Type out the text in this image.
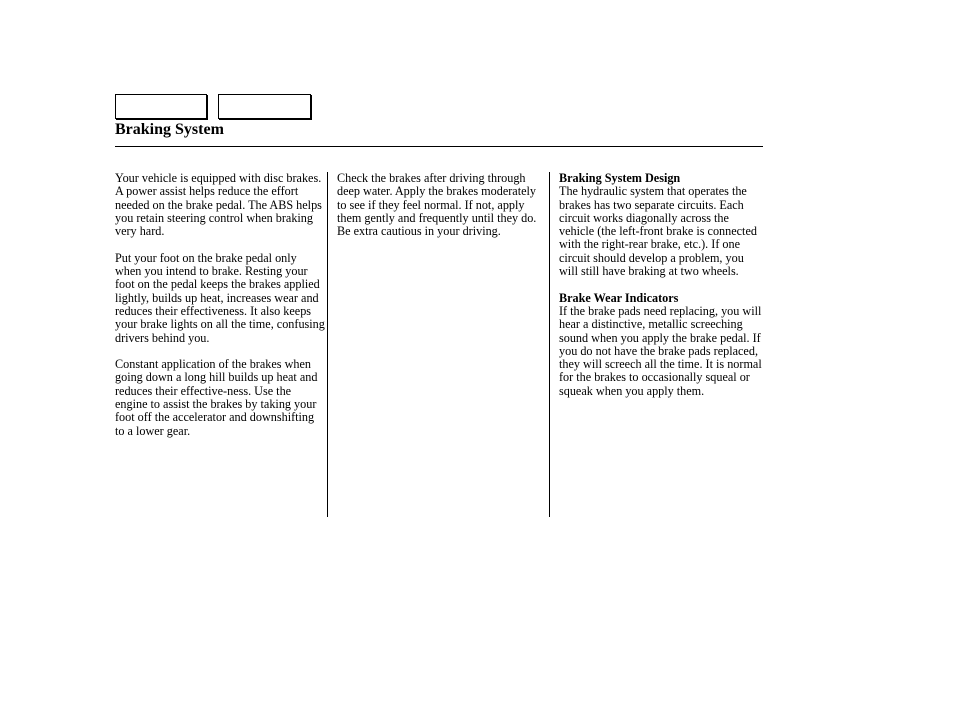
Braking System

Your vehicle is equipped with disc brakes. A power assist helps reduce the effort needed on the brake pedal. The ABS helps you retain steering control when braking very hard.

Put your foot on the brake pedal only when you intend to brake. Resting your foot on the pedal keeps the brakes applied lightly, builds up heat, increases wear and reduces their effectiveness. It also keeps your brake lights on all the time, confusing drivers behind you.

Constant application of the brakes when going down a long hill builds up heat and reduces their effective-ness. Use the engine to assist the brakes by taking your foot off the accelerator and downshifting to a lower gear.

Check the brakes after driving through deep water. Apply the brakes moderately to see if they feel normal. If not, apply them gently and frequently until they do. Be extra cautious in your driving.

Braking System Design

The hydraulic system that operates the brakes has two separate circuits. Each circuit works diagonally across the vehicle (the left-front brake is connected with the right-rear brake, etc.). If one circuit should develop a problem, you will still have braking at two wheels.

Brake Wear Indicators

If the brake pads need replacing, you will hear a distinctive, metallic screeching sound when you apply the brake pedal. If you do not have the brake pads replaced, they will screech all the time. It is normal for the brakes to occasionally squeal or squeak when you apply them.
